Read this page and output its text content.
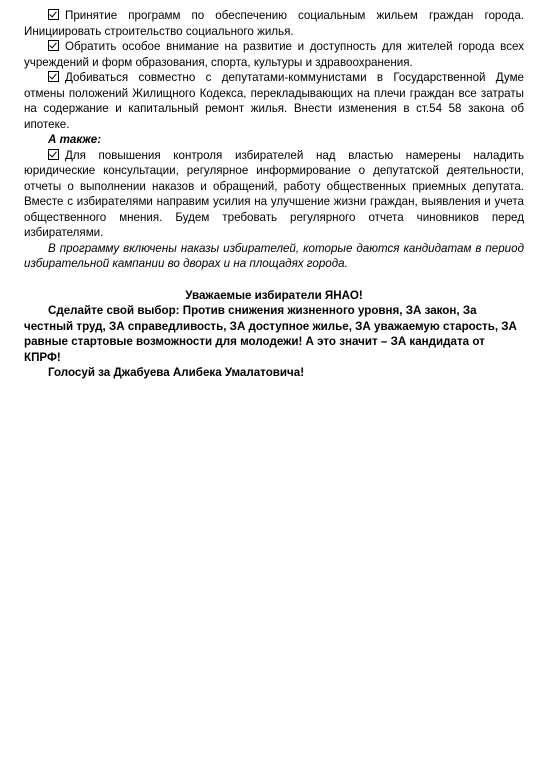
Принятие программ по обеспечению социальным жильем граждан города. Инициировать строительство социального жилья.

Обратить особое внимание на развитие и доступность для жителей города всех учреждений и форм образования, спорта, культуры и здравоохранения.

Добиваться совместно с депутатами-коммунистами в Государственной Думе отмены положений Жилищного Кодекса, перекладывающих на плечи граждан все затраты на содержание и капитальный ремонт жилья. Внести изменения в ст.54 58 закона об ипотеке.

А также:

Для повышения контроля избирателей над властью намерены наладить юридические консультации, регулярное информирование о депутатской деятельности, отчеты о выполнении наказов и обращений, работу общественных приемных депутата. Вместе с избирателями направим усилия на улучшение жизни граждан, выявления и учета общественного мнения. Будем требовать регулярного отчета чиновников перед избирателями.

В программу включены наказы избирателей, которые даются кандидатам в период избирательной кампании во дворах и на площадях города.

Уважаемые избиратели ЯНАО!

Сделайте свой выбор: Против снижения жизненного уровня, ЗА закон, За честный труд, ЗА справедливость, ЗА доступное жилье, ЗА уважаемую старость, ЗА равные стартовые возможности для молодежи! А это значит – ЗА кандидата от КПРФ!

Голосуй за Джабуева Алибека Умалатовича!
